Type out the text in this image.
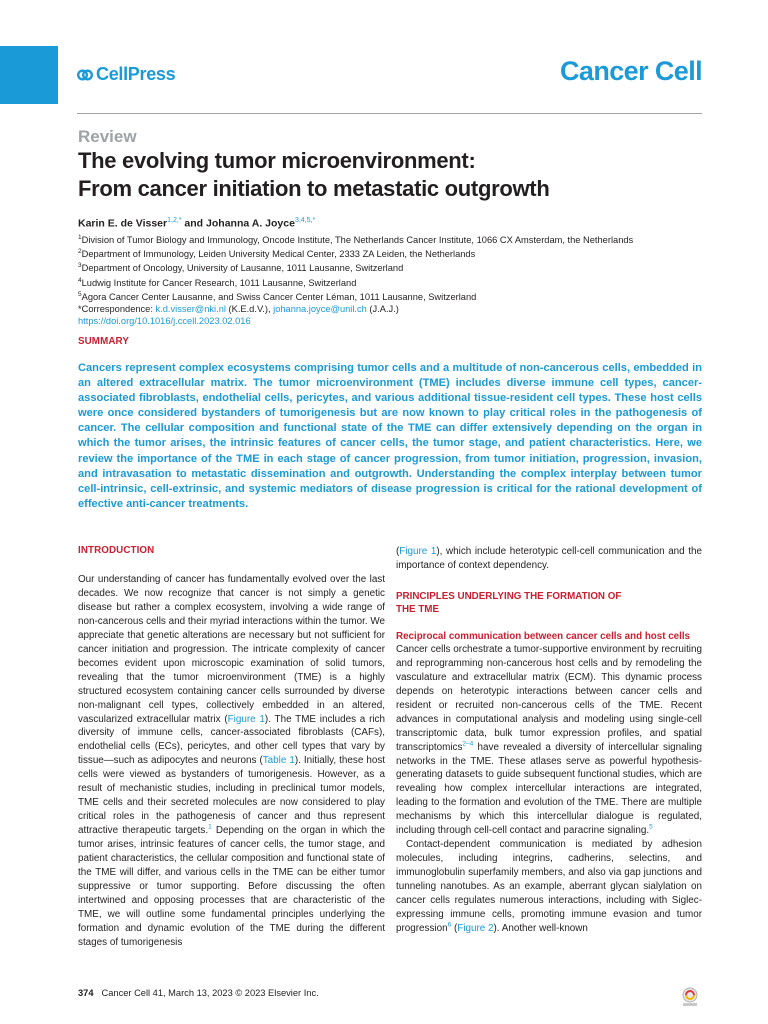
CellPress	Cancer Cell
Review
The evolving tumor microenvironment:
From cancer initiation to metastatic outgrowth
Karin E. de Visser$^{1,2,*}$ and Johanna A. Joyce$^{3,4,5,*}$
$^1$Division of Tumor Biology and Immunology, Oncode Institute, The Netherlands Cancer Institute, 1066 CX Amsterdam, the Netherlands
$^2$Department of Immunology, Leiden University Medical Center, 2333 ZA Leiden, the Netherlands
$^3$Department of Oncology, University of Lausanne, 1011 Lausanne, Switzerland
$^4$Ludwig Institute for Cancer Research, 1011 Lausanne, Switzerland
$^5$Agora Cancer Center Lausanne, and Swiss Cancer Center Léman, 1011 Lausanne, Switzerland
*Correspondence: k.d.visser@nki.nl (K.E.d.V.), johanna.joyce@unil.ch (J.A.J.)
https://doi.org/10.1016/j.ccell.2023.02.016
SUMMARY
Cancers represent complex ecosystems comprising tumor cells and a multitude of non-cancerous cells, embedded in an altered extracellular matrix. The tumor microenvironment (TME) includes diverse immune cell types, cancer-associated fibroblasts, endothelial cells, pericytes, and various additional tissue-resident cell types. These host cells were once considered bystanders of tumorigenesis but are now known to play critical roles in the pathogenesis of cancer. The cellular composition and functional state of the TME can differ extensively depending on the organ in which the tumor arises, the intrinsic features of cancer cells, the tumor stage, and patient characteristics. Here, we review the importance of the TME in each stage of cancer progression, from tumor initiation, progression, invasion, and intravasation to metastatic dissemination and outgrowth. Understanding the complex interplay between tumor cell-intrinsic, cell-extrinsic, and systemic mediators of disease progression is critical for the rational development of effective anti-cancer treatments.
INTRODUCTION

Our understanding of cancer has fundamentally evolved over the last decades. We now recognize that cancer is not simply a genetic disease but rather a complex ecosystem, involving a wide range of non-cancerous cells and their myriad interactions within the tumor. We appreciate that genetic alterations are necessary but not sufficient for cancer initiation and progression. The intricate complexity of cancer becomes evident upon microscopic examination of solid tumors, revealing that the tumor microenvironment (TME) is a highly structured ecosystem containing cancer cells surrounded by diverse non-malignant cell types, collectively embedded in an altered, vascularized extracellular matrix (Figure 1). The TME includes a rich diversity of immune cells, cancer-associated fibroblasts (CAFs), endothelial cells (ECs), pericytes, and other cell types that vary by tissue—such as adipocytes and neurons (Table 1). Initially, these host cells were viewed as bystanders of tumorigenesis. However, as a result of mechanistic studies, including in preclinical tumor models, TME cells and their secreted molecules are now considered to play critical roles in the pathogenesis of cancer and thus represent attractive therapeutic targets.$^1$ Depending on the organ in which the tumor arises, intrinsic features of cancer cells, the tumor stage, and patient characteristics, the cellular composition and functional state of the TME will differ, and various cells in the TME can be either tumor suppressive or tumor supporting. Before discussing the often intertwined and opposing processes that are characteristic of the TME, we will outline some fundamental principles underlying the formation and dynamic evolution of the TME during the different stages of tumorigenesis

(Figure 1), which include heterotypic cell-cell communication and the importance of context dependency.

PRINCIPLES UNDERLYING THE FORMATION OF
THE TME
Reciprocal communication between cancer cells and host cells

Cancer cells orchestrate a tumor-supportive environment by recruiting and reprogramming non-cancerous host cells and by remodeling the vasculature and extracellular matrix (ECM). This dynamic process depends on heterotypic interactions between cancer cells and resident or recruited non-cancerous cells of the TME. Recent advances in computational analysis and modeling using single-cell transcriptomic data, bulk tumor expression profiles, and spatial transcriptomics$^{2-4}$ have revealed a diversity of intercellular signaling networks in the TME. These atlases serve as powerful hypothesis-generating datasets to guide subsequent functional studies, which are revealing how complex intercellular interactions are integrated, leading to the formation and evolution of the TME. There are multiple mechanisms by which this intercellular dialogue is regulated, including through cell-cell contact and paracrine signaling.$^5$

Contact-dependent communication is mediated by adhesion molecules, including integrins, cadherins, selectins, and immunoglobulin superfamily members, and also via gap junctions and tunneling nanotubes. As an example, aberrant glycan sialylation on cancer cells regulates numerous interactions, including with Siglec-expressing immune cells, promoting immune evasion and tumor progression$^6$ (Figure 2). Another well-known

374 Cancer Cell 41, March 13, 2023 © 2023 Elsevier Inc.
